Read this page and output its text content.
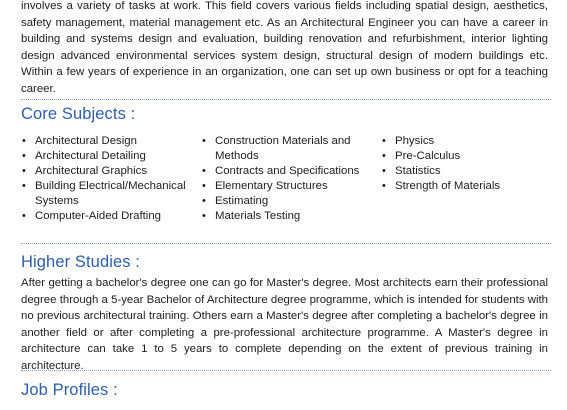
involves a variety of tasks at work. This field covers various fields including spatial design, aesthetics, safety management, material management etc. As an Architectural Engineer you can have a career in building and systems design and evaluation, building renovation and refurbishment, interior lighting design advanced environmental services system design, structural design of modern buildings etc. Within a few years of experience in an organization, one can set up own business or opt for a teaching career.

Core Subjects :
• Architectural Design
• Architectural Detailing
• Architectural Graphics
• Building Electrical/Mechanical Systems
• Computer-Aided Drafting
• Construction Materials and Methods
• Contracts and Specifications
• Elementary Structures
• Estimating
• Materials Testing
• Physics
• Pre-Calculus
• Statistics
• Strength of Materials
Higher Studies :

After getting a bachelor's degree one can go for Master's degree. Most architects earn their professional degree through a 5-year Bachelor of Architecture degree programme, which is intended for students with no previous architectural training. Others earn a Master's degree after completing a bachelor's degree in another field or after completing a pre-professional architecture programme. A Master's degree in architecture can take 1 to 5 years to complete depending on the extent of previous training in architecture.

Job Profiles :
